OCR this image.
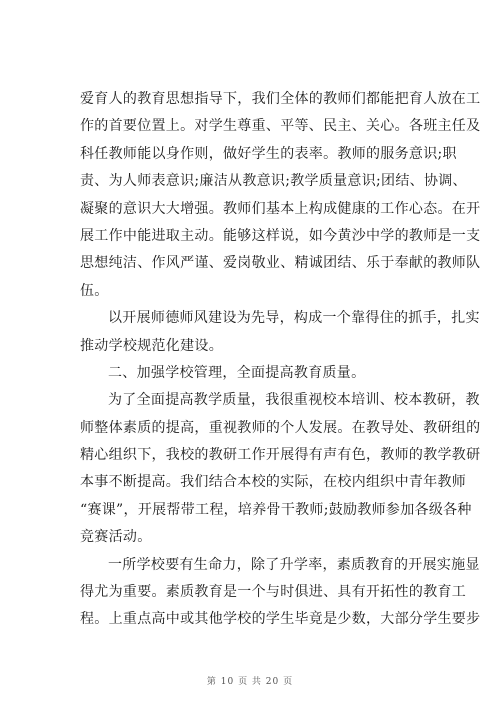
爱育人的教育思想指导下，我们全体的教师们都能把育人放在工
作的首要位置上。对学生尊重、平等、民主、关心。各班主任及
科任教师能以身作则，做好学生的表率。教师的服务意识;职
责、为人师表意识;廉洁从教意识;教学质量意识;团结、协调、
凝聚的意识大大增强。教师们基本上构成健康的工作心态。在开
展工作中能进取主动。能够这样说，如今黄沙中学的教师是一支
思想纯洁、作风严谨、爱岗敬业、精诚团结、乐于奉献的教师队
伍。
以开展师德师风建设为先导，构成一个靠得住的抓手，扎实
推动学校规范化建设。
二、加强学校管理，全面提高教育质量。
为了全面提高教学质量，我很重视校本培训、校本教研，教
师整体素质的提高，重视教师的个人发展。在教导处、教研组的
精心组织下，我校的教研工作开展得有声有色，教师的教学教研
本事不断提高。我们结合本校的实际，在校内组织中青年教师
“赛课”，开展帮带工程，培养骨干教师;鼓励教师参加各级各种
竞赛活动。
一所学校要有生命力，除了升学率，素质教育的开展实施显
得尤为重要。素质教育是一个与时俱进、具有开拓性的教育工
程。上重点高中或其他学校的学生毕竟是少数，大部分学生要步
第 10 页 共 20 页
